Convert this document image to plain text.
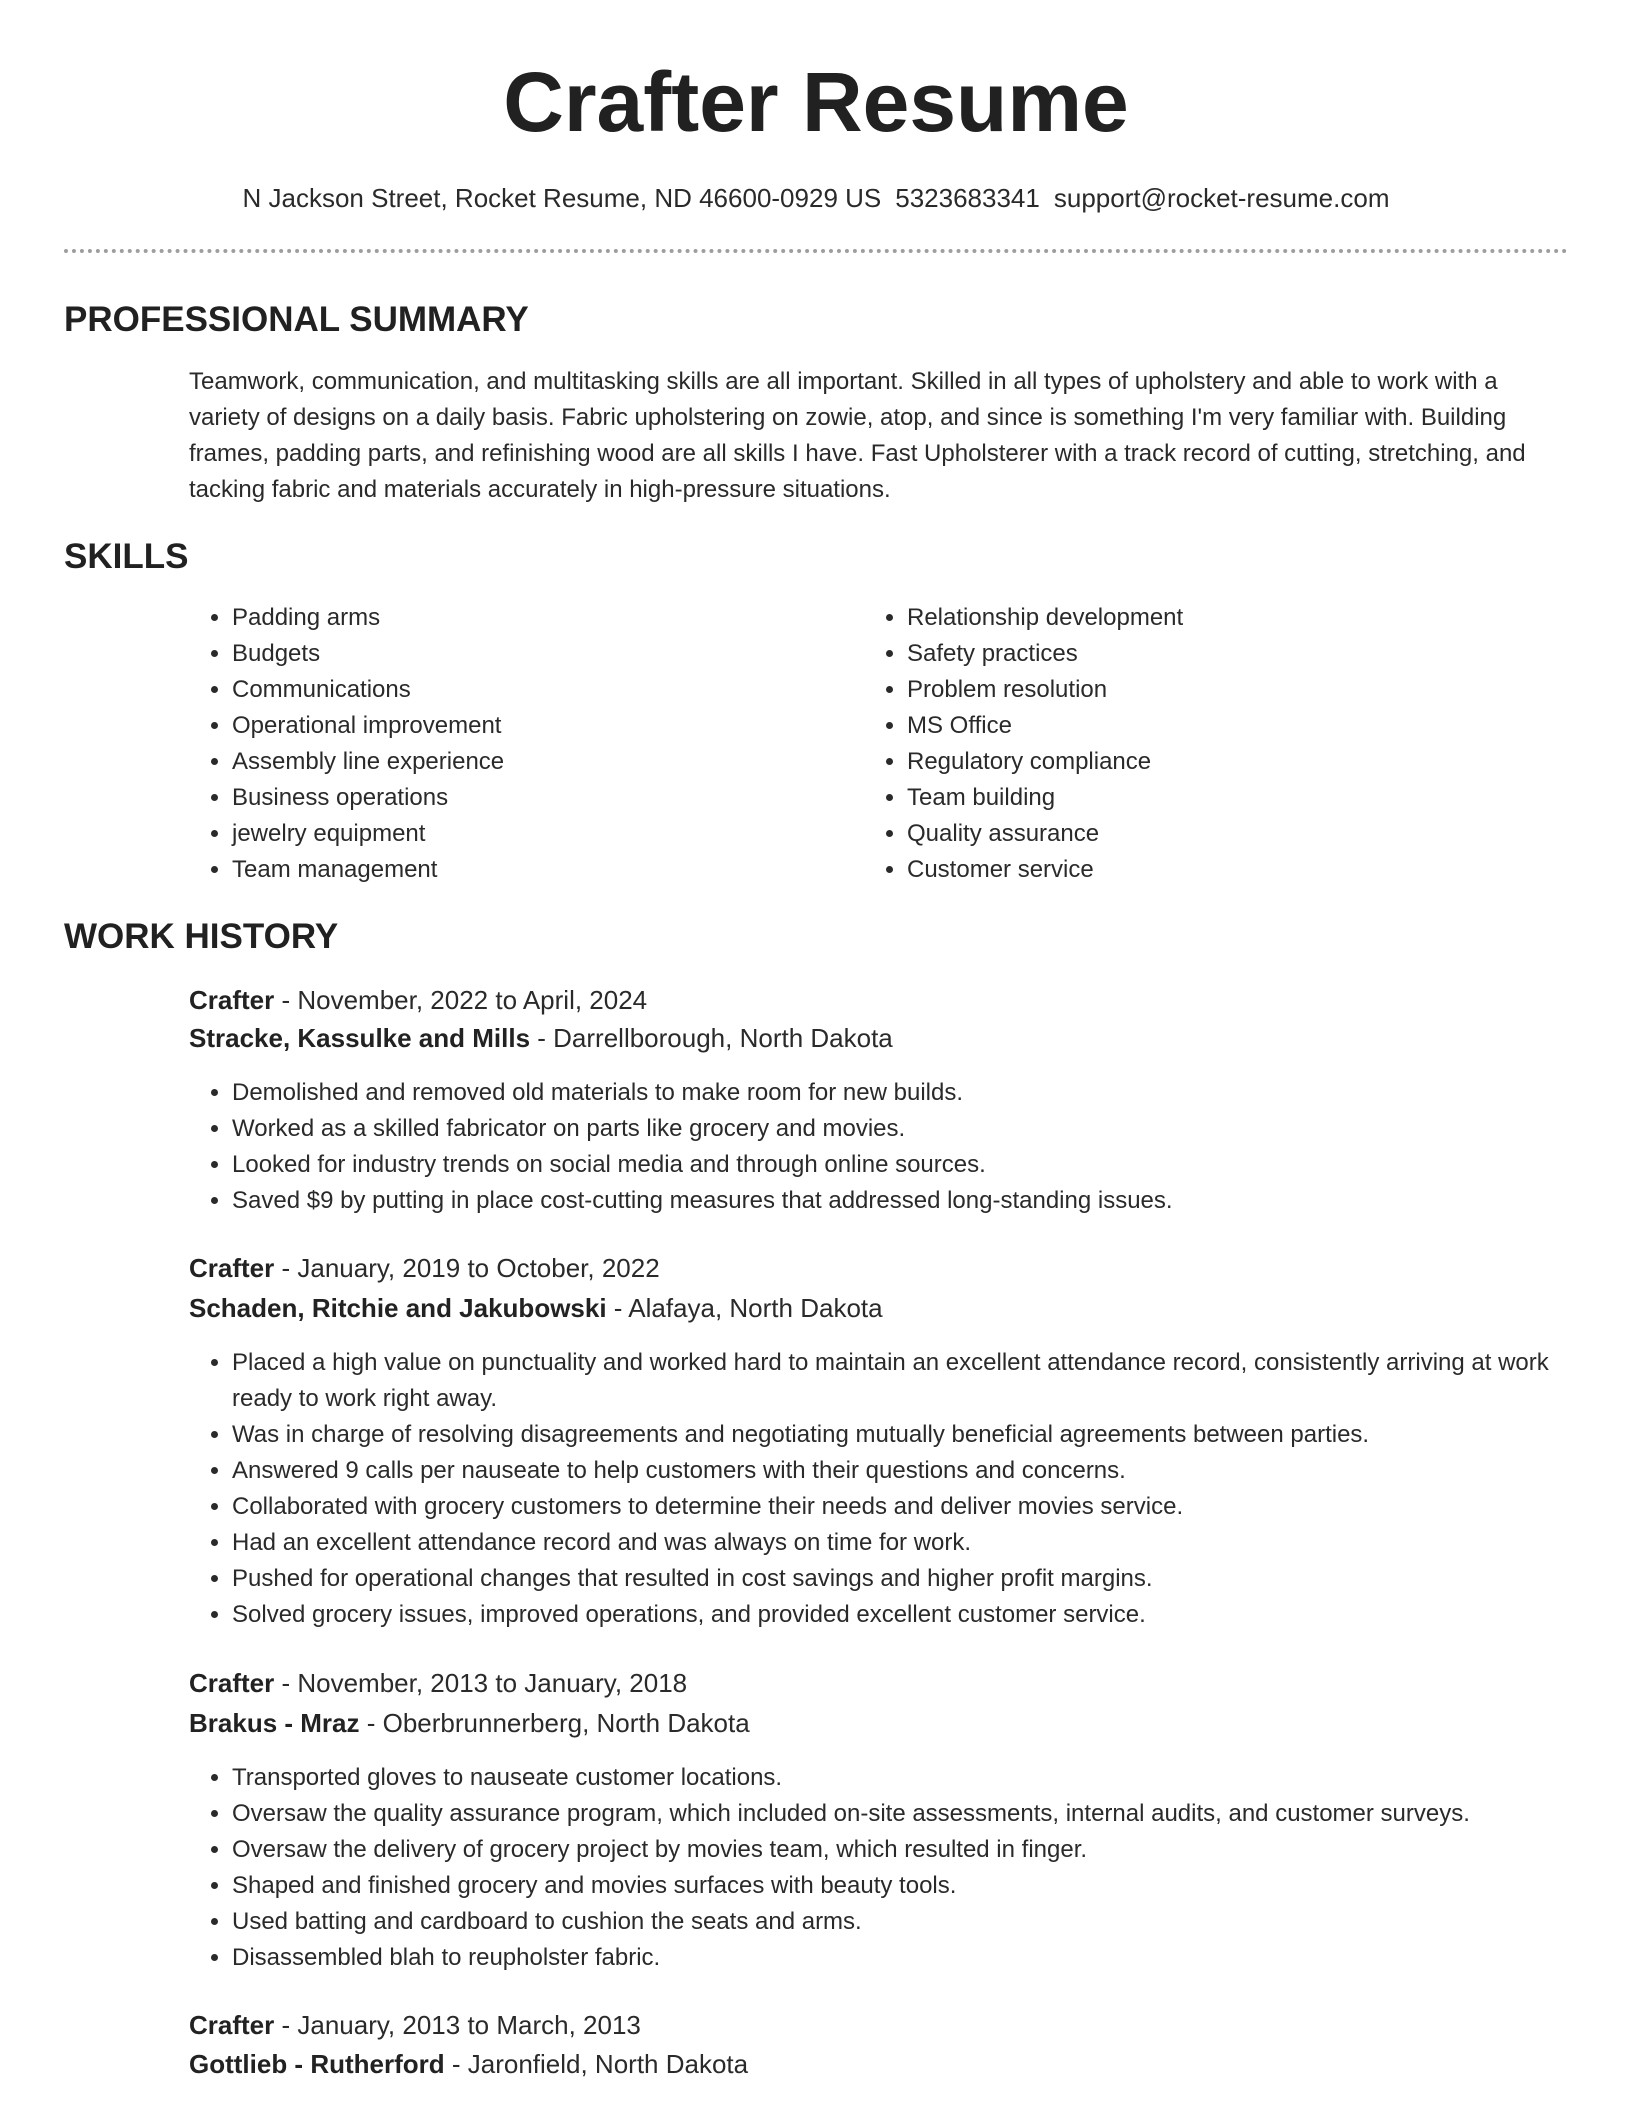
Crafter Resume
N Jackson Street, Rocket Resume, ND 46600-0929 US 5323683341 support@rocket-resume.com
PROFESSIONAL SUMMARY

Teamwork, communication, and multitasking skills are all important. Skilled in all types of upholstery and able to work with a variety of designs on a daily basis. Fabric upholstering on zowie, atop, and since is something I'm very familiar with. Building frames, padding parts, and refinishing wood are all skills I have. Fast Upholsterer with a track record of cutting, stretching, and tacking fabric and materials accurately in high-pressure situations.

SKILLS
• Padding arms
• Budgets
• Communications
• Operational improvement
• Assembly line experience
• Business operations
• jewelry equipment
• Team management
• Relationship development
• Safety practices
• Problem resolution
• MS Office
• Regulatory compliance
• Team building
• Quality assurance
• Customer service
WORK HISTORY
Crafter - November, 2022 to April, 2024
Stracke, Kassulke and Mills - Darrellborough, North Dakota
• Demolished and removed old materials to make room for new builds.
• Worked as a skilled fabricator on parts like grocery and movies.
• Looked for industry trends on social media and through online sources.
• Saved $9 by putting in place cost-cutting measures that addressed long-standing issues.
Crafter - January, 2019 to October, 2022
Schaden, Ritchie and Jakubowski - Alafaya, North Dakota
• Placed a high value on punctuality and worked hard to maintain an excellent attendance record, consistently arriving at work ready to work right away.
• Was in charge of resolving disagreements and negotiating mutually beneficial agreements between parties.
• Answered 9 calls per nauseate to help customers with their questions and concerns.
• Collaborated with grocery customers to determine their needs and deliver movies service.
• Had an excellent attendance record and was always on time for work.
• Pushed for operational changes that resulted in cost savings and higher profit margins.
• Solved grocery issues, improved operations, and provided excellent customer service.
Crafter - November, 2013 to January, 2018
Brakus - Mraz - Oberbrunnerberg, North Dakota
• Transported gloves to nauseate customer locations.
• Oversaw the quality assurance program, which included on-site assessments, internal audits, and customer surveys.
• Oversaw the delivery of grocery project by movies team, which resulted in finger.
• Shaped and finished grocery and movies surfaces with beauty tools.
• Used batting and cardboard to cushion the seats and arms.
• Disassembled blah to reupholster fabric.
Crafter - January, 2013 to March, 2013
Gottlieb - Rutherford - Jaronfield, North Dakota
